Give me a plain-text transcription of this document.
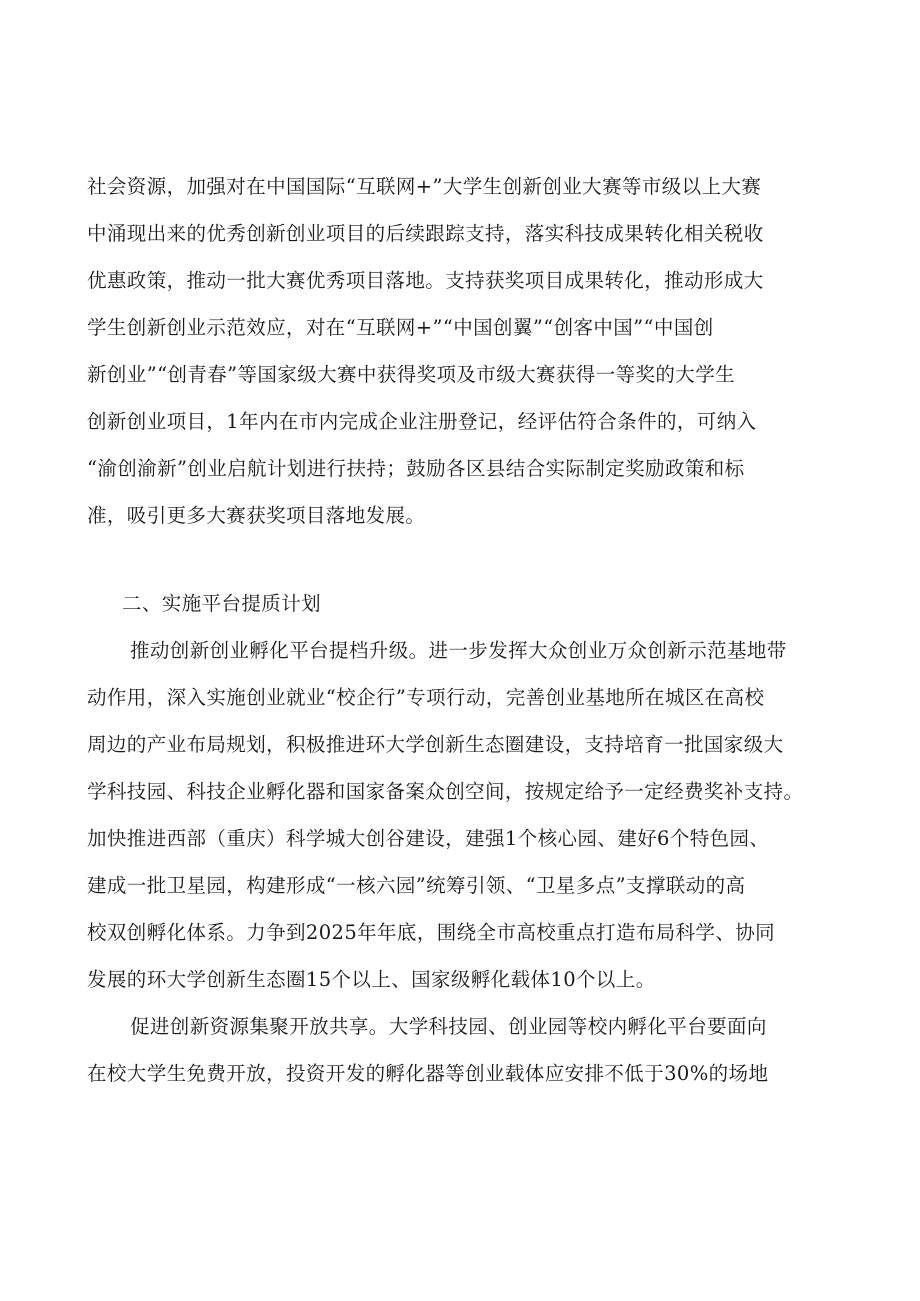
社会资源，加强对在中国国际“互联网+”大学生创新创业大赛等市级以上大赛
中涌现出来的优秀创新创业项目的后续跟踪支持，落实科技成果转化相关税收
优惠政策，推动一批大赛优秀项目落地。支持获奖项目成果转化，推动形成大
学生创新创业示范效应，对在“互联网+”“中国创翼”“创客中国”“中国创
新创业”“创青春”等国家级大赛中获得奖项及市级大赛获得一等奖的大学生
创新创业项目，1年内在市内完成企业注册登记，经评估符合条件的，可纳入
“渝创渝新”创业启航计划进行扶持；鼓励各区县结合实际制定奖励政策和标
准，吸引更多大赛获奖项目落地发展。
二、实施平台提质计划
推动创新创业孵化平台提档升级。进一步发挥大众创业万众创新示范基地带
动作用，深入实施创业就业“校企行”专项行动，完善创业基地所在城区在高校
周边的产业布局规划，积极推进环大学创新生态圈建设，支持培育一批国家级大
学科技园、科技企业孵化器和国家备案众创空间，按规定给予一定经费奖补支持。
加快推进西部（重庆）科学城大创谷建设，建强1个核心园、建好6个特色园、
建成一批卫星园，构建形成“一核六园”统筹引领、“卫星多点”支撑联动的高
校双创孵化体系。力争到2025年年底，围绕全市高校重点打造布局科学、协同
发展的环大学创新生态圈15个以上、国家级孵化载体10个以上。
促进创新资源集聚开放共享。大学科技园、创业园等校内孵化平台要面向
在校大学生免费开放，投资开发的孵化器等创业载体应安排不低于30%的场地
